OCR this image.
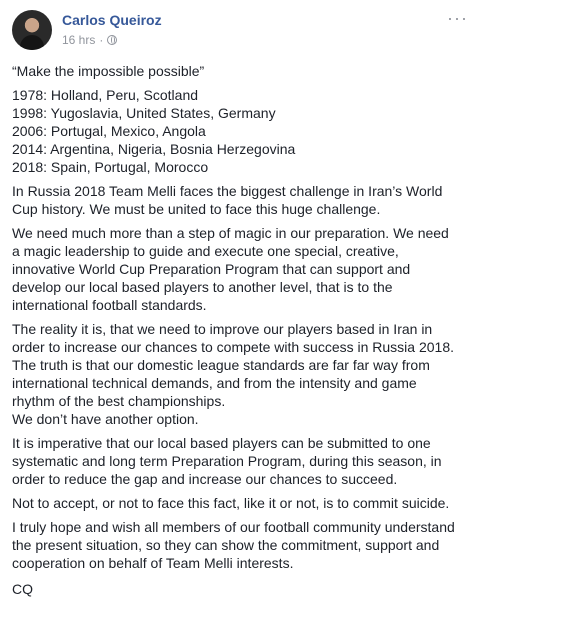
Carlos Queiroz
16 hrs ·
···
“Make the impossible possible”
1978: Holland, Peru, Scotland
1998: Yugoslavia, United States, Germany
2006: Portugal, Mexico, Angola
2014: Argentina, Nigeria, Bosnia Herzegovina
2018: Spain, Portugal, Morocco
In Russia 2018 Team Melli faces the biggest challenge in Iran’s World
Cup history. We must be united to face this huge challenge.
We need much more than a step of magic in our preparation. We need
a magic leadership to guide and execute one special, creative,
innovative World Cup Preparation Program that can support and
develop our local based players to another level, that is to the
international football standards.
The reality it is, that we need to improve our players based in Iran in
order to increase our chances to compete with success in Russia 2018.
The truth is that our domestic league standards are far far way from
international technical demands, and from the intensity and game
rhythm of the best championships.
We don’t have another option.
It is imperative that our local based players can be submitted to one
systematic and long term Preparation Program, during this season, in
order to reduce the gap and increase our chances to succeed.
Not to accept, or not to face this fact, like it or not, is to commit suicide.
I truly hope and wish all members of our football community understand
the present situation, so they can show the commitment, support and
cooperation on behalf of Team Melli interests.
CQ
